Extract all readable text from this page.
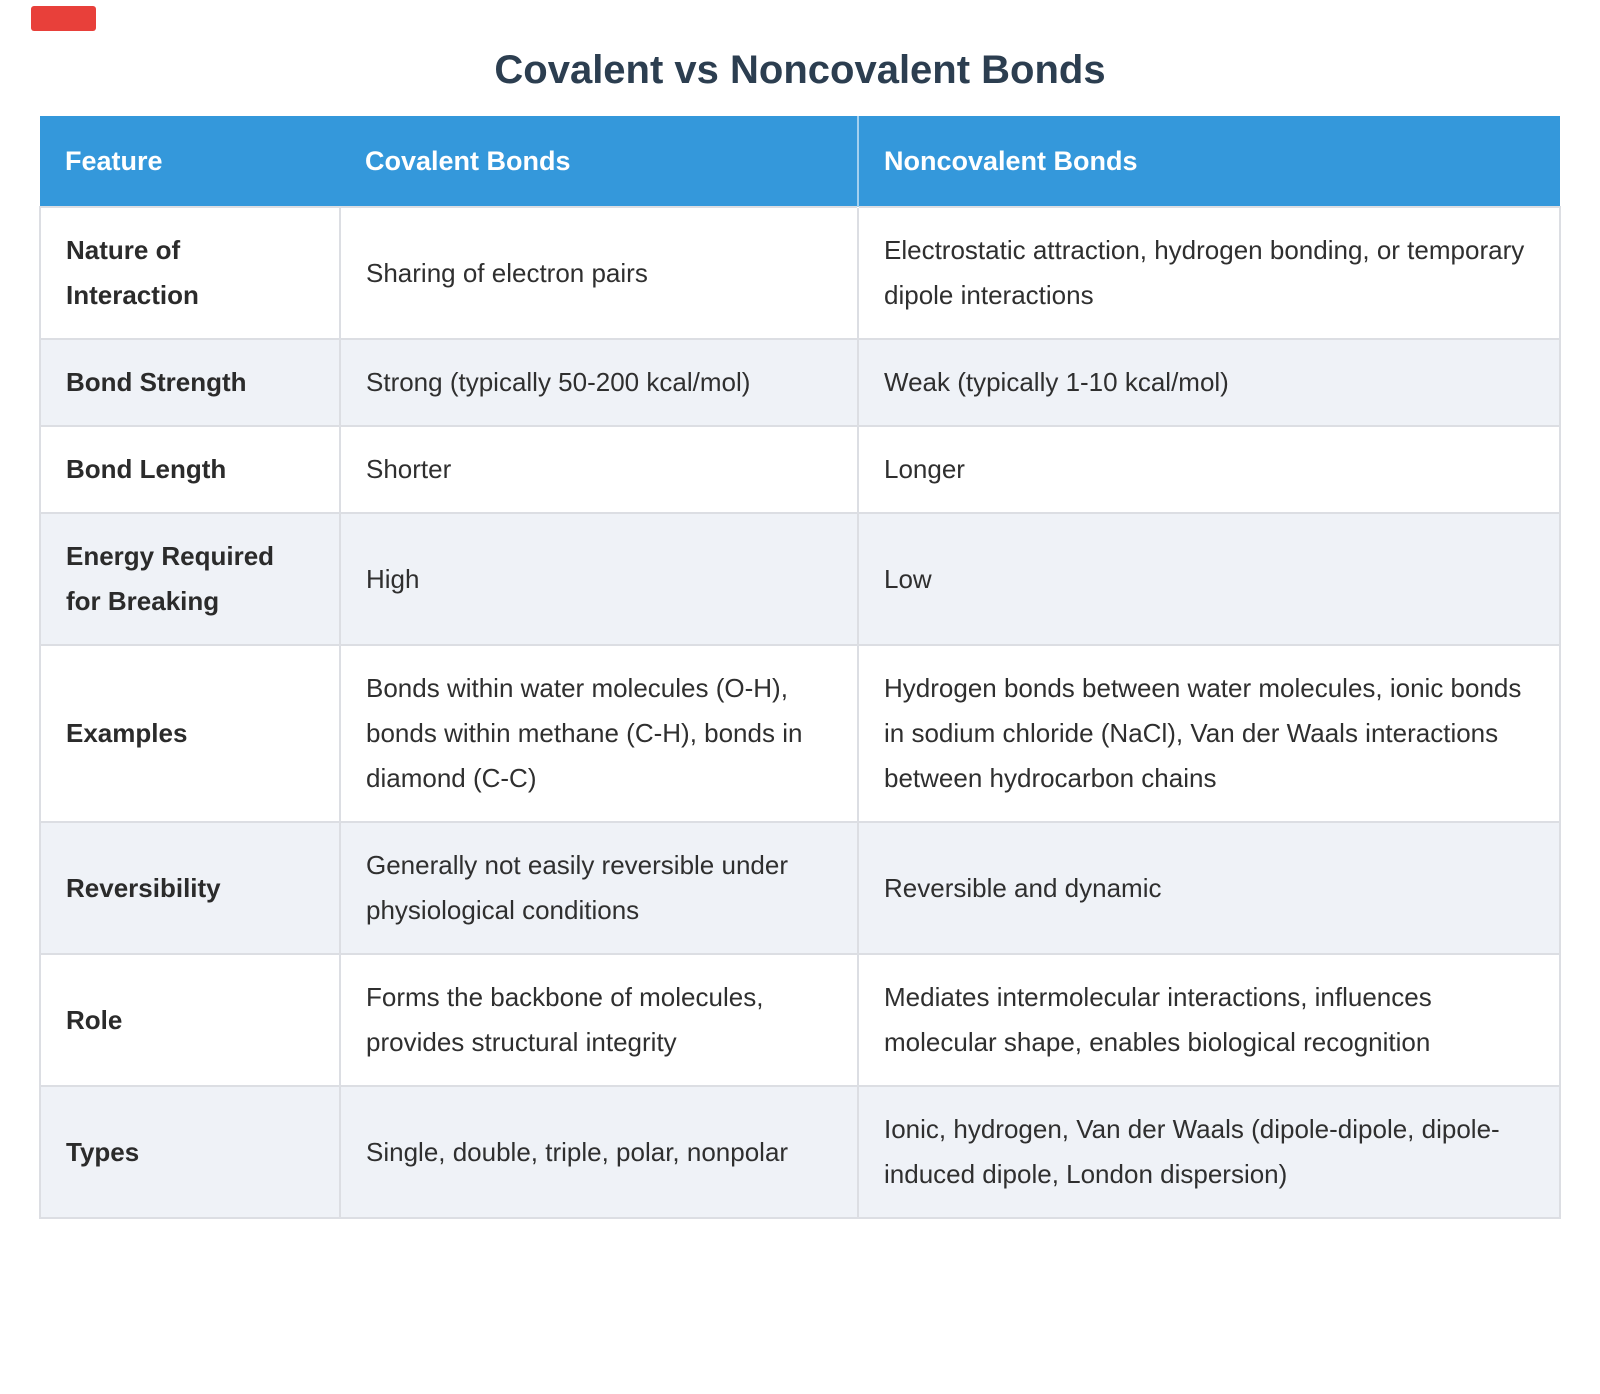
Covalent vs Noncovalent Bonds
Feature	Covalent Bonds	Noncovalent Bonds
Nature of Interaction	Sharing of electron pairs	Electrostatic attraction, hydrogen bonding, or temporary dipole interactions
Bond Strength	Strong (typically 50-200 kcal/mol)	Weak (typically 1-10 kcal/mol)
Bond Length	Shorter	Longer
Energy Required for Breaking	High	Low
Examples	Bonds within water molecules (O-H), bonds within methane (C-H), bonds in diamond (C-C)	Hydrogen bonds between water molecules, ionic bonds in sodium chloride (NaCl), Van der Waals interactions between hydrocarbon chains
Reversibility	Generally not easily reversible under physiological conditions	Reversible and dynamic
Role	Forms the backbone of molecules, provides structural integrity	Mediates intermolecular interactions, influences molecular shape, enables biological recognition
Types	Single, double, triple, polar, nonpolar	Ionic, hydrogen, Van der Waals (dipole-dipole, dipole-induced dipole, London dispersion)
